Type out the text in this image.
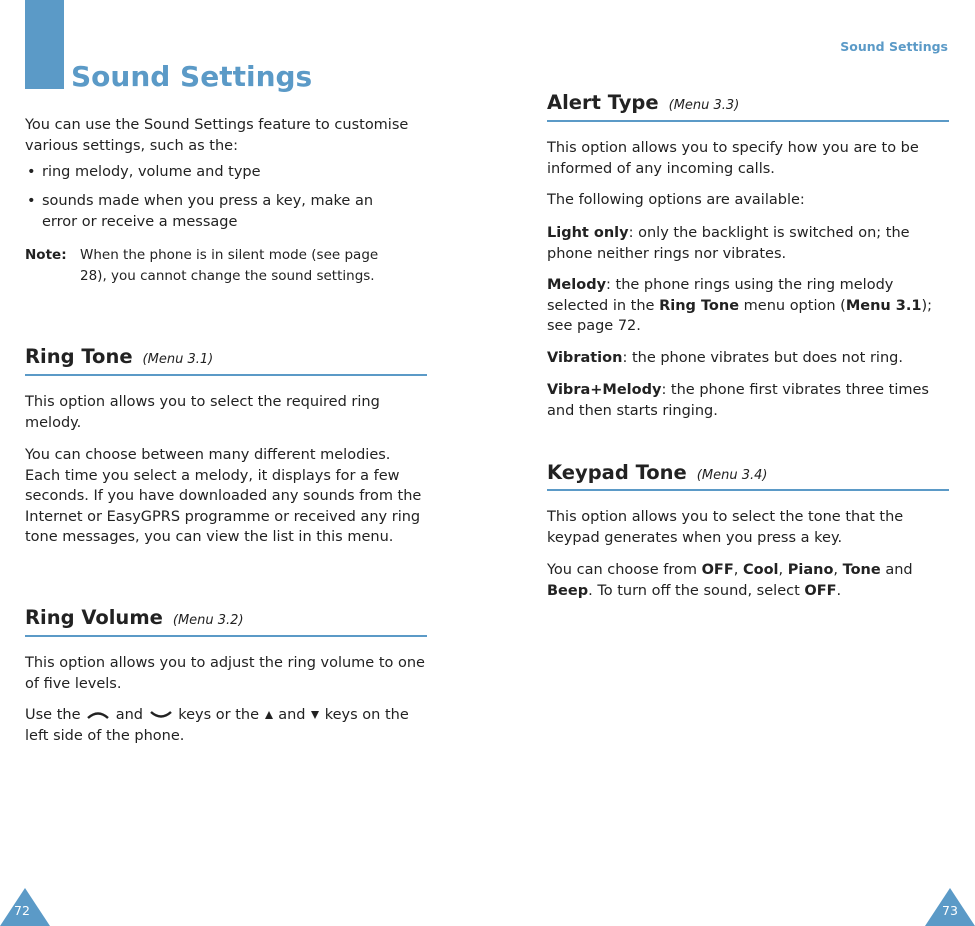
Sound Settings
Sound Settings

You can use the Sound Settings feature to customise various settings, such as the:

• ring melody, volume and type
• sounds made when you press a key, make an error or receive a message
Note: When the phone is in silent mode (see page 28), you cannot change the sound settings.
Ring Tone (Menu 3.1)

This option allows you to select the required ring melody.

You can choose between many different melodies. Each time you select a melody, it displays for a few seconds. If you have downloaded any sounds from the Internet or EasyGPRS programme or received any ring tone messages, you can view the list in this menu.

Ring Volume (Menu 3.2)

This option allows you to adjust the ring volume to one of five levels.

Use the and keys or the and keys on the left side of the phone.

72
Alert Type (Menu 3.3)

This option allows you to specify how you are to be informed of any incoming calls.

The following options are available:

Light only: only the backlight is switched on; the phone neither rings nor vibrates.

Melody: the phone rings using the ring melody selected in the Ring Tone menu option (Menu 3.1); see page 72.

Vibration: the phone vibrates but does not ring.

Vibra+Melody: the phone first vibrates three times and then starts ringing.

Keypad Tone (Menu 3.4)

This option allows you to select the tone that the keypad generates when you press a key.

You can choose from OFF, Cool, Piano, Tone and Beep. To turn off the sound, select OFF.

73
